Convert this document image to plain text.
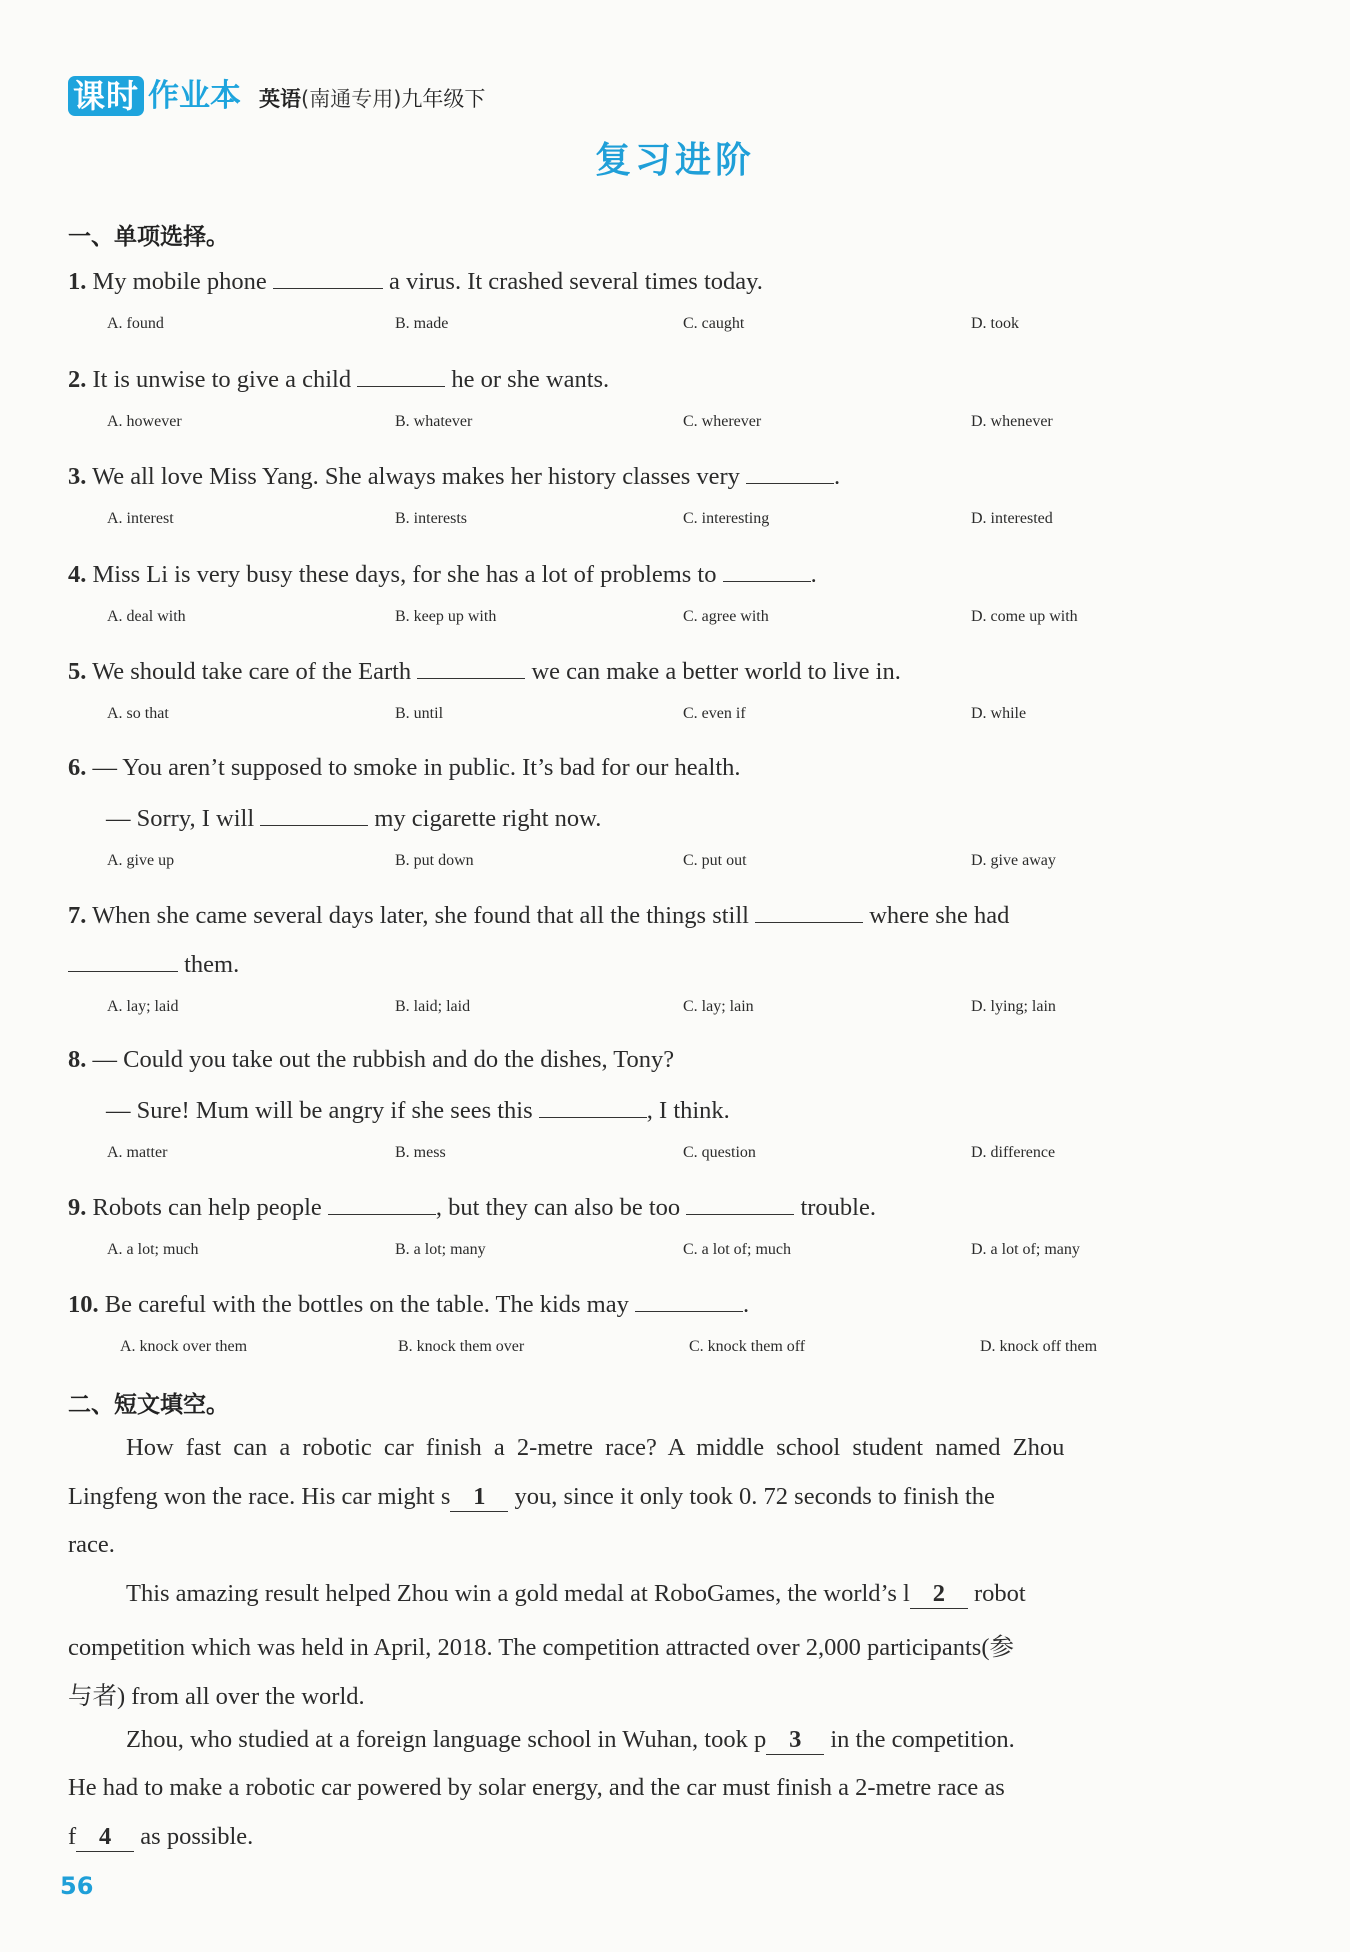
课时 作业本 英语(南通专用)九年级下
复习进阶
一、单项选择。
1. My mobile phone	a virus. It crashed several times today.
A. found	B. made	C. caught	D. took
2. It is unwise to give a child	he or she wants.
A. however	B. whatever	C. wherever	D. whenever
3. We all love Miss Yang. She always makes her history classes very	.
A. interest	B. interests	C. interesting	D. interested
4. Miss Li is very busy these days, for she has a lot of problems to	.
A. deal with	B. keep up with	C. agree with	D. come up with
5. We should take care of the Earth	we can make a better world to live in.
A. so that	B. until	C. even if	D. while
6. — You aren’t supposed to smoke in public. It’s bad for our health.
— Sorry, I will	my cigarette right now.
A. give up	B. put down	C. put out	D. give away
7. When she came several days later, she found that all the things still	where she had
them.
A. lay; laid	B. laid; laid	C. lay; lain	D. lying; lain
8. — Could you take out the rubbish and do the dishes, Tony?
— Sure! Mum will be angry if she sees this	, I think.
A. matter	B. mess	C. question	D. difference
9. Robots can help people	, but they can also be too	trouble.
A. a lot; much	B. a lot; many	C. a lot of; much	D. a lot of; many
10. Be careful with the bottles on the table. The kids may	.
A. knock over them	B. knock them over	C. knock them off	D. knock off them
二、短文填空。
How fast can a robotic car finish a 2-metre race? A middle school student named Zhou
Lingfeng won the race. His car might s 1 you, since it only took 0. 72 seconds to finish the
race.
This amazing result helped Zhou win a gold medal at RoboGames, the world’s l 2 robot
competition which was held in April, 2018. The competition attracted over 2,000 participants(参
与者) from all over the world.
Zhou, who studied at a foreign language school in Wuhan, took p 3 in the competition.
He had to make a robotic car powered by solar energy, and the car must finish a 2-metre race as
f 4 as possible.
56
